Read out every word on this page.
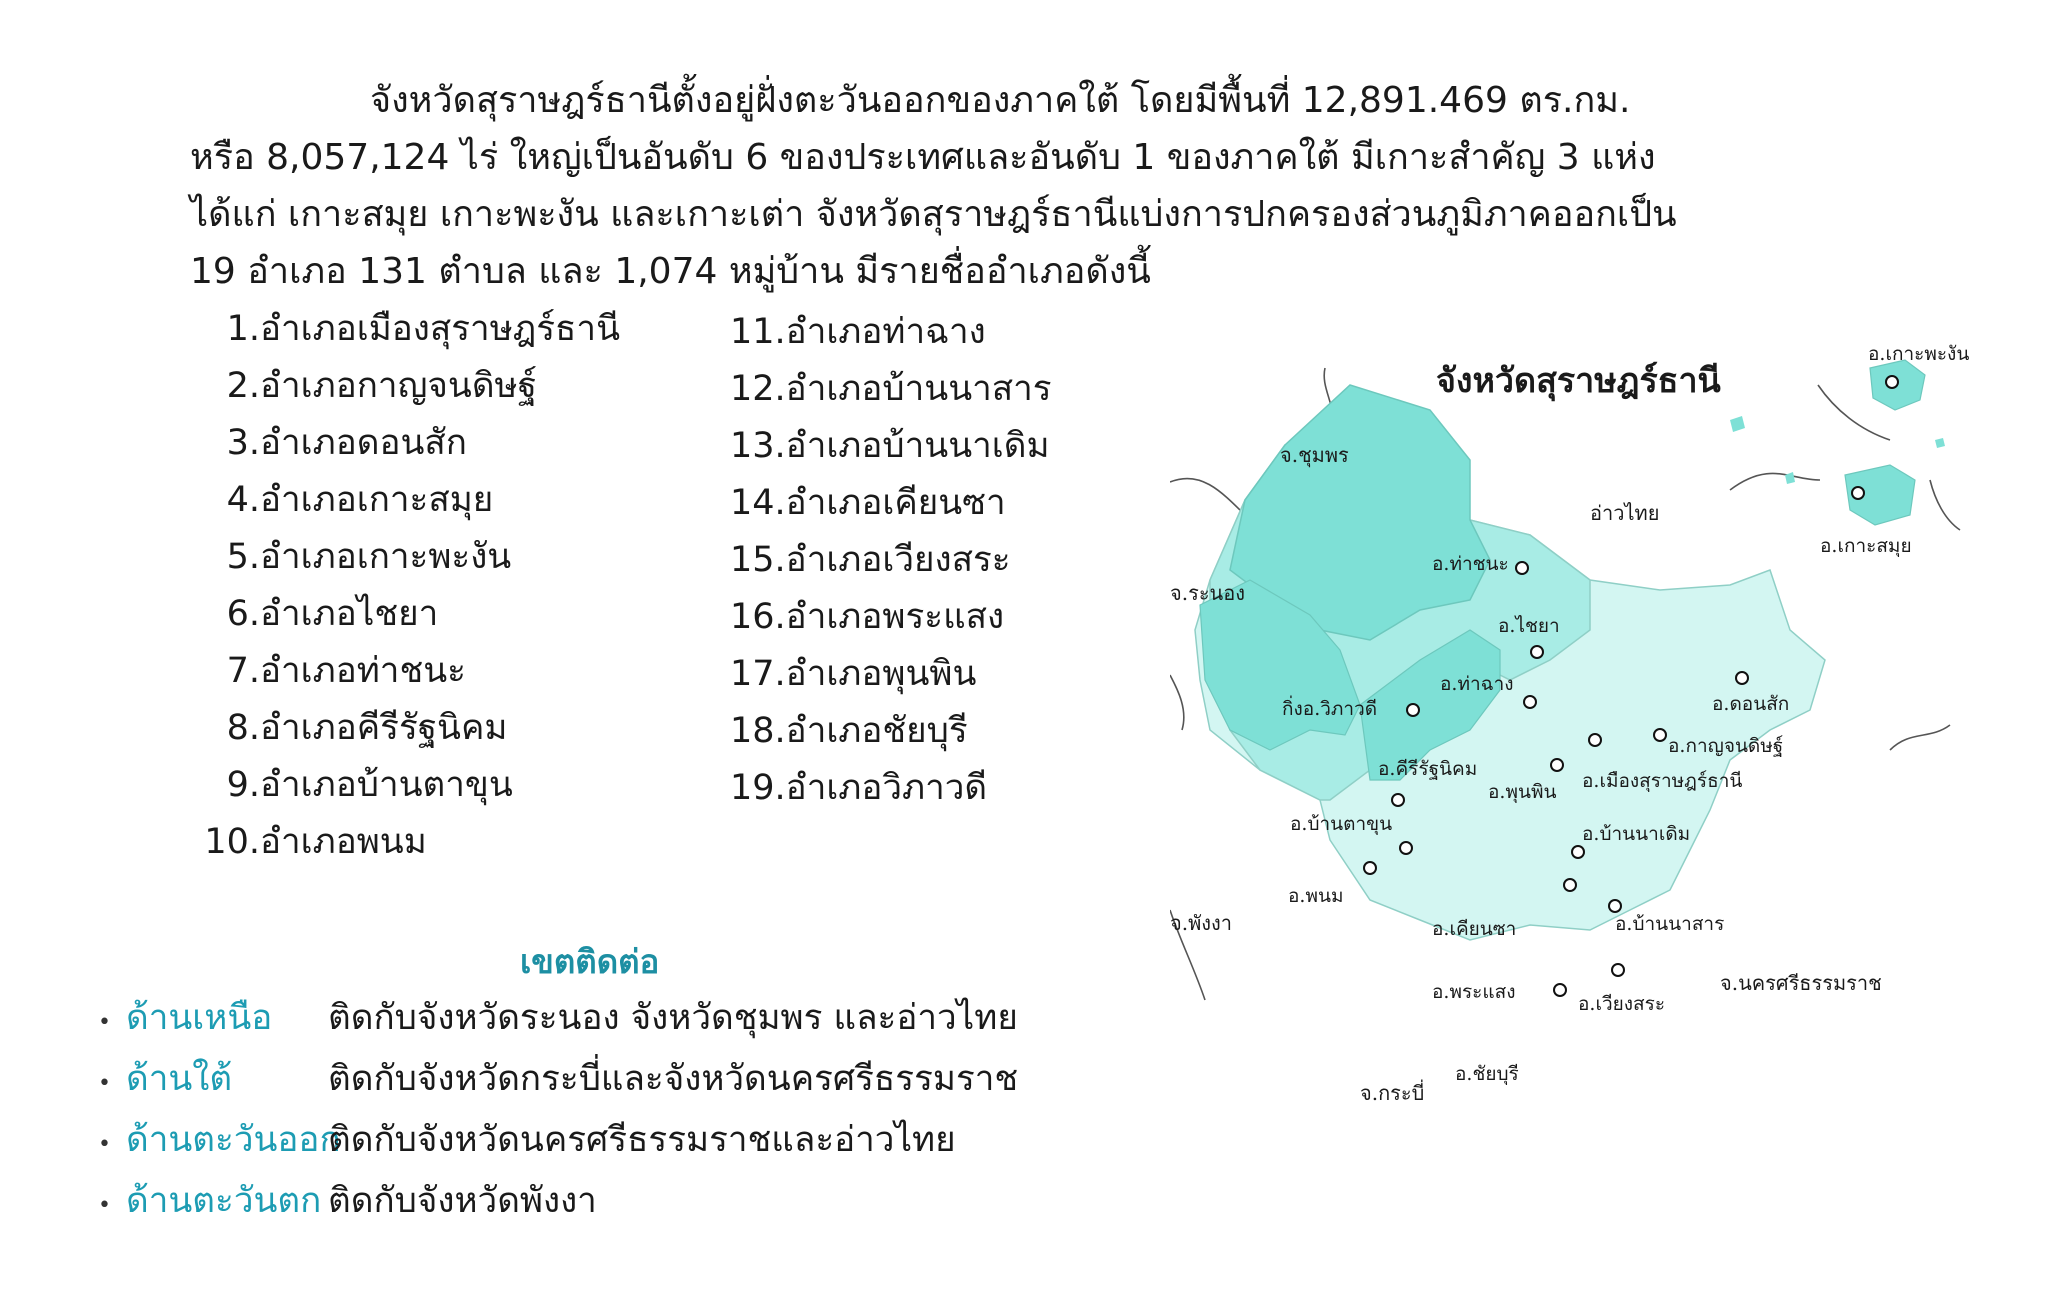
จังหวัดสุราษฎร์ธานีตั้งอยู่ฝั่งตะวันออกของภาคใต้ โดยมีพื้นที่ 12,891.469 ตร.กม.

หรือ 8,057,124 ไร่ ใหญ่เป็นอันดับ 6 ของประเทศและอันดับ 1 ของภาคใต้ มีเกาะสำคัญ 3 แห่ง

ได้แก่ เกาะสมุย เกาะพะงัน และเกาะเต่า จังหวัดสุราษฎร์ธานีแบ่งการปกครองส่วนภูมิภาคออกเป็น

19 อำเภอ 131 ตำบล และ 1,074 หมู่บ้าน มีรายชื่ออำเภอดังนี้

1. อำเภอเมืองสุราษฎร์ธานี
2. อำเภอกาญจนดิษฐ์
3. อำเภอดอนสัก
4. อำเภอเกาะสมุย
5. อำเภอเกาะพะงัน
6. อำเภอไชยา
7. อำเภอท่าชนะ
8. อำเภอคีรีรัฐนิคม
9. อำเภอบ้านตาขุน
10. อำเภอพนม
11. อำเภอท่าฉาง
12. อำเภอบ้านนาสาร
13. อำเภอบ้านนาเดิม
14. อำเภอเคียนซา
15. อำเภอเวียงสระ
16. อำเภอพระแสง
17. อำเภอพุนพิน
18. อำเภอชัยบุรี
19. อำเภอวิภาวดี
เขตติดต่อ
• ด้านเหนือ	ติดกับจังหวัดระนอง จังหวัดชุมพร และอ่าวไทย
• ด้านใต้	ติดกับจังหวัดกระบี่และจังหวัดนครศรีธรรมราช
• ด้านตะวันออก
ติดกับจังหวัดนครศรีธรรมราชและอ่าวไทย
• ด้านตะวันตก ติดกับจังหวัดพังงา
จังหวัดสุราษฎร์ธานี
จ.ชุมพร
จ.ระนอง
อ่าวไทย
จ.พังงา
จ.นครศรีธรรมราช
จ.กระบี่
อ.ท่าชนะ
อ.ไชยา
อ.ท่าฉาง
กิ่งอ.วิภาวดี
อ.คีรีรัฐนิคม
อ.พุนพิน อ.เมืองสุราษฎร์ธานี
อ.กาญจนดิษฐ์
อ.ดอนสัก
อ.บ้านตาขุน	อ.บ้านนาเดิม
อ.พนม
อ.เคียนซา	อ.บ้านนาสาร
อ.พระแสง
อ.เวียงสระ
อ.ชัยบุรี
อ.เกาะพะงัน
อ.เกาะสมุย
